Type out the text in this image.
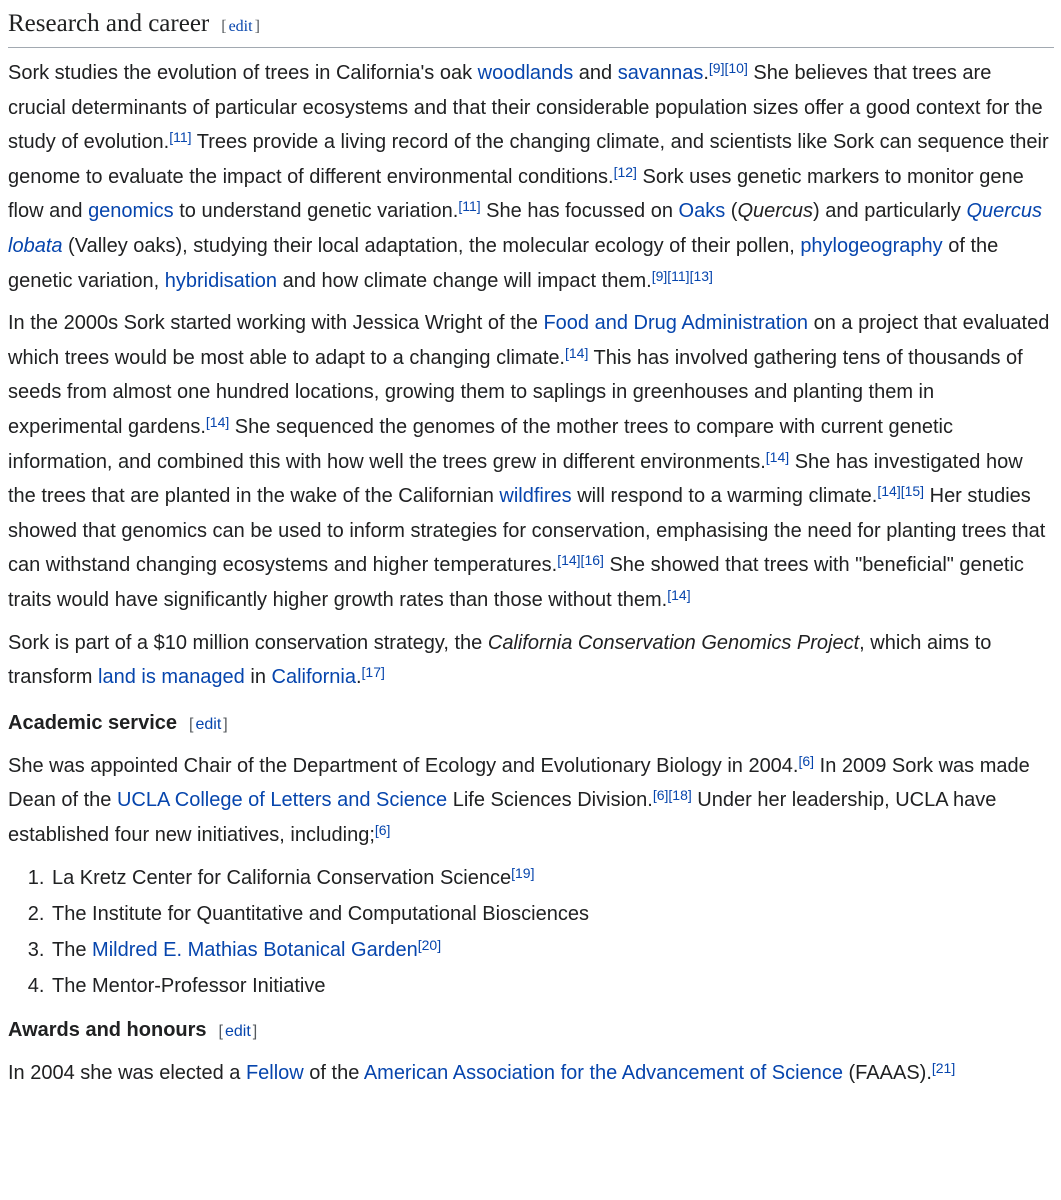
Research and career [ edit ]

Sork studies the evolution of trees in California's oak woodlands and savannas.[9][10] She believes that trees are crucial determinants of particular ecosystems and that their considerable population sizes offer a good context for the study of evolution.[11] Trees provide a living record of the changing climate, and scientists like Sork can sequence their genome to evaluate the impact of different environmental conditions.[12] Sork uses genetic markers to monitor gene flow and genomics to understand genetic variation.[11] She has focussed on Oaks (Quercus) and particularly Quercus lobata (Valley oaks), studying their local adaptation, the molecular ecology of their pollen, phylogeography of the genetic variation, hybridisation and how climate change will impact them.[9][11][13]

In the 2000s Sork started working with Jessica Wright of the Food and Drug Administration on a project that evaluated which trees would be most able to adapt to a changing climate.[14] This has involved gathering tens of thousands of seeds from almost one hundred locations, growing them to saplings in greenhouses and planting them in experimental gardens.[14] She sequenced the genomes of the mother trees to compare with current genetic information, and combined this with how well the trees grew in different environments.[14] She has investigated how the trees that are planted in the wake of the Californian wildfires will respond to a warming climate.[14][15] Her studies showed that genomics can be used to inform strategies for conservation, emphasising the need for planting trees that can withstand changing ecosystems and higher temperatures.[14][16] She showed that trees with "beneficial" genetic traits would have significantly higher growth rates than those without them.[14]

Sork is part of a $10 million conservation strategy, the California Conservation Genomics Project, which aims to transform land is managed in California.[17]

Academic service [ edit ]

She was appointed Chair of the Department of Ecology and Evolutionary Biology in 2004.[6] In 2009 Sork was made Dean of the UCLA College of Letters and Science Life Sciences Division.[6][18] Under her leadership, UCLA have established four new initiatives, including;[6]

1. La Kretz Center for California Conservation Science[19]
2. The Institute for Quantitative and Computational Biosciences
3. The Mildred E. Mathias Botanical Garden[20]
4. The Mentor-Professor Initiative
Awards and honours [ edit ]

In 2004 she was elected a Fellow of the American Association for the Advancement of Science (FAAAS).[21]
